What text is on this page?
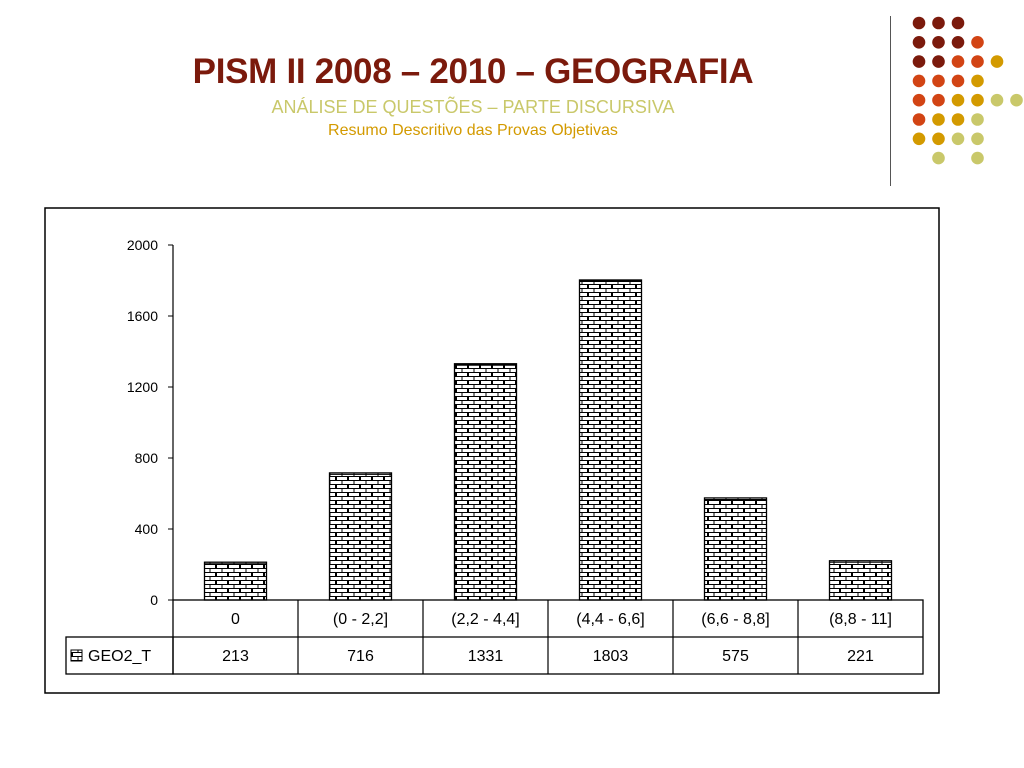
PISM II 2008 – 2010 – GEOGRAFIA
ANÁLISE DE QUESTÕES – PARTE DISCURSIVA
Resumo Descritivo das Provas Objetivas
0
400
800
1200
1600
2000
0
213
(0 - 2,2]
716
(2,2 - 4,4]
1331
(4,4 - 6,6]
1803
(6,6 - 8,8]
575
(8,8 - 11]
221
GEO2_T
